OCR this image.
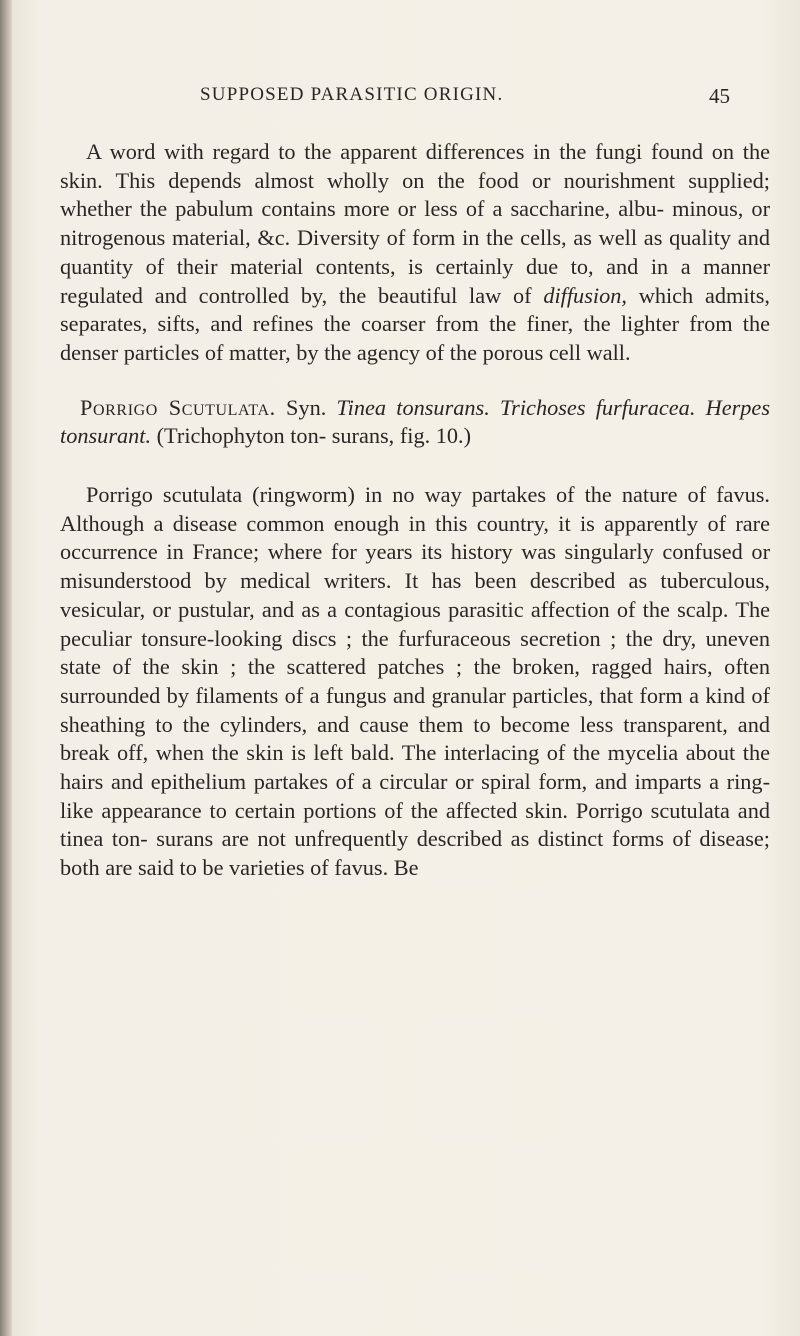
SUPPOSED PARASITIC ORIGIN.	45

A word with regard to the apparent differences in the fungi found on the skin. This depends almost wholly on the food or nourishment supplied; whether the pabulum contains more or less of a saccharine, albu- minous, or nitrogenous material, &c. Diversity of form in the cells, as well as quality and quantity of their material contents, is certainly due to, and in a manner regulated and controlled by, the beautiful law of diffusion, which admits, separates, sifts, and refines the coarser from the finer, the lighter from the denser particles of matter, by the agency of the porous cell wall.

Porrigo Scutulata. Syn. Tinea tonsurans. Trichoses furfuracea. Herpes tonsurant. (Trichophyton ton- surans, fig. 10.)

Porrigo scutulata (ringworm) in no way partakes of the nature of favus. Although a disease common enough in this country, it is apparently of rare occurrence in France; where for years its history was singularly confused or misunderstood by medical writers. It has been described as tuberculous, vesicular, or pustular, and as a contagious parasitic affection of the scalp. The peculiar tonsure-looking discs ; the furfuraceous secretion ; the dry, uneven state of the skin ; the scattered patches ; the broken, ragged hairs, often surrounded by filaments of a fungus and granular particles, that form a kind of sheathing to the cylinders, and cause them to become less transparent, and break off, when the skin is left bald. The interlacing of the mycelia about the hairs and epithelium partakes of a circular or spiral form, and imparts a ring-like appearance to certain portions of the affected skin. Porrigo scutulata and tinea ton- surans are not unfrequently described as distinct forms of disease; both are said to be varieties of favus. Be
